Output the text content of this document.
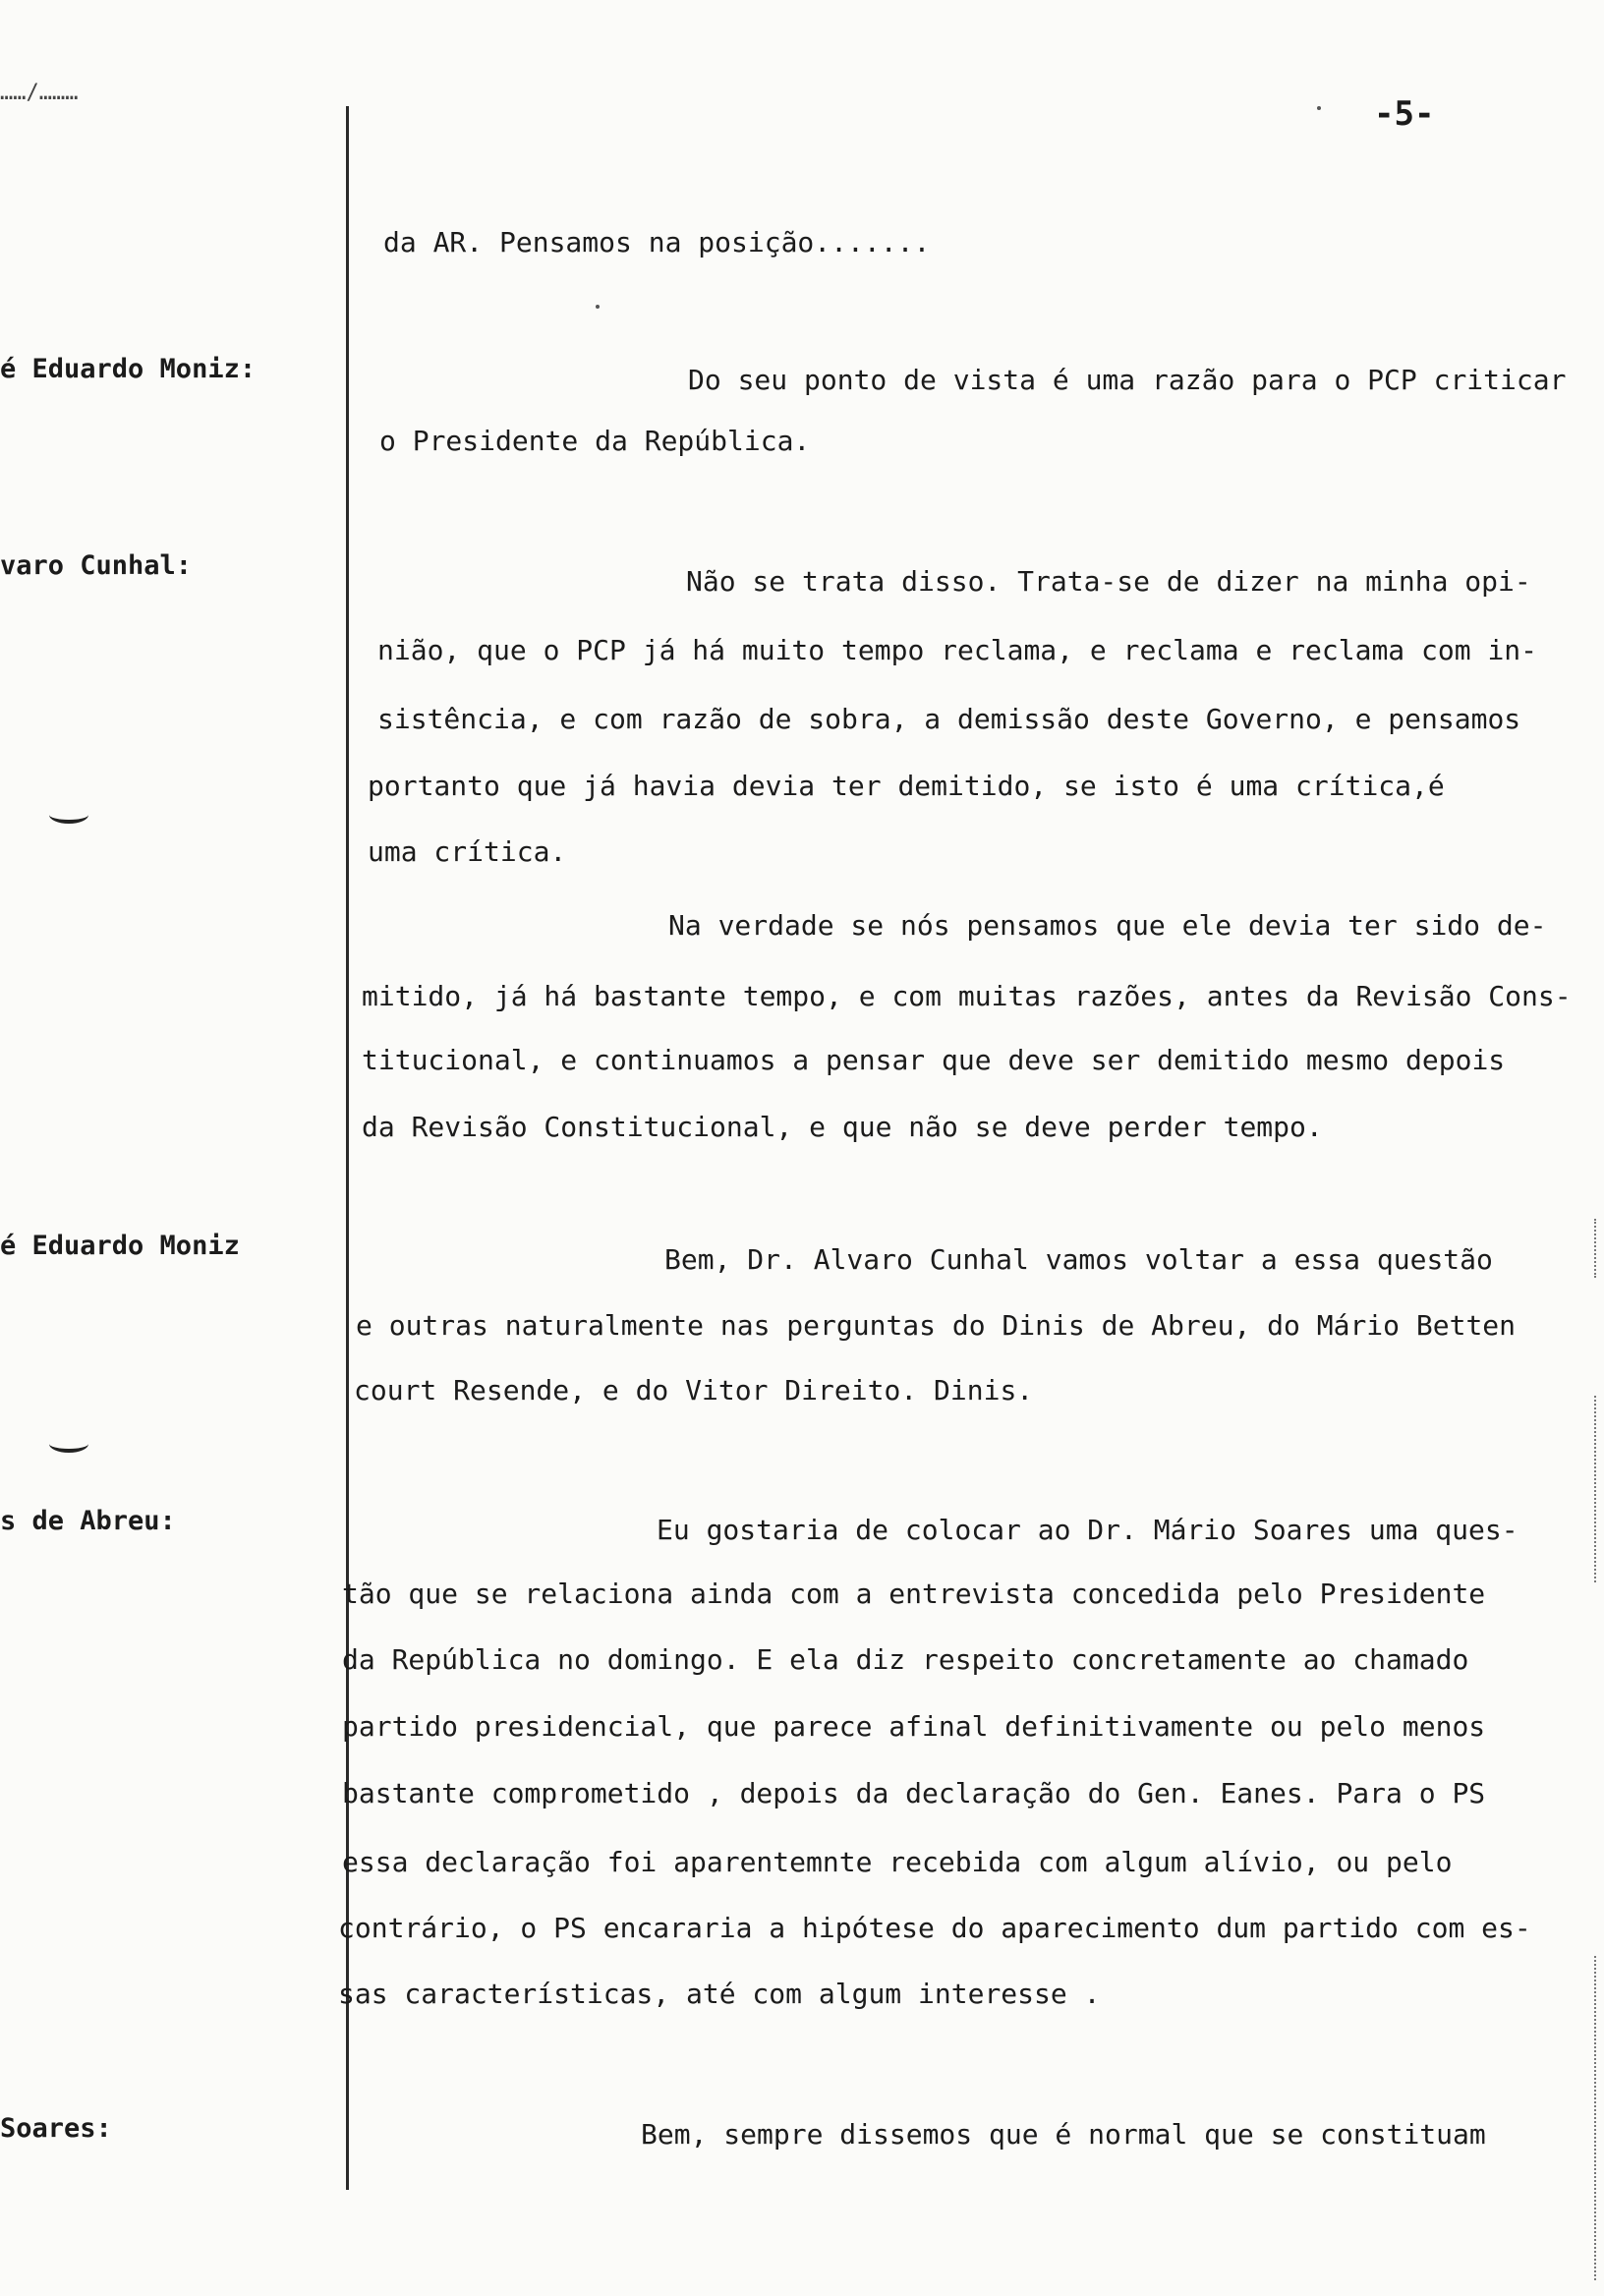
……/………
-5-
é Eduardo Moniz:
varo Cunhal:
é Eduardo Moniz
s de Abreu:
Soares:
da AR. Pensamos na posição.......
Do seu ponto de vista é uma razão para o PCP criticar
o Presidente da República.
Não se trata disso. Trata-se de dizer na minha opi-
nião, que o PCP já há muito tempo reclama, e reclama e reclama com in-
sistência, e com razão de sobra, a demissão deste Governo, e pensamos
portanto que já havia devia ter demitido, se isto é uma crítica,é
uma crítica.
Na verdade se nós pensamos que ele devia ter sido de-
mitido, já há bastante tempo, e com muitas razões, antes da Revisão Cons-
titucional, e continuamos a pensar que deve ser demitido mesmo depois
da Revisão Constitucional, e que não se deve perder tempo.
Bem, Dr. Alvaro Cunhal vamos voltar a essa questão
e outras naturalmente nas perguntas do Dinis de Abreu, do Mário Betten
court Resende, e do Vitor Direito. Dinis.
Eu gostaria de colocar ao Dr. Mário Soares uma ques-
tão que se relaciona ainda com a entrevista concedida pelo Presidente
da República no domingo. E ela diz respeito concretamente ao chamado
partido presidencial, que parece afinal definitivamente ou pelo menos
bastante comprometido , depois da declaração do Gen. Eanes. Para o PS
essa declaração foi aparentemnte recebida com algum alívio, ou pelo
contrário, o PS encararia a hipótese do aparecimento dum partido com es-
sas características, até com algum interesse .
Bem, sempre dissemos que é normal que se constituam
